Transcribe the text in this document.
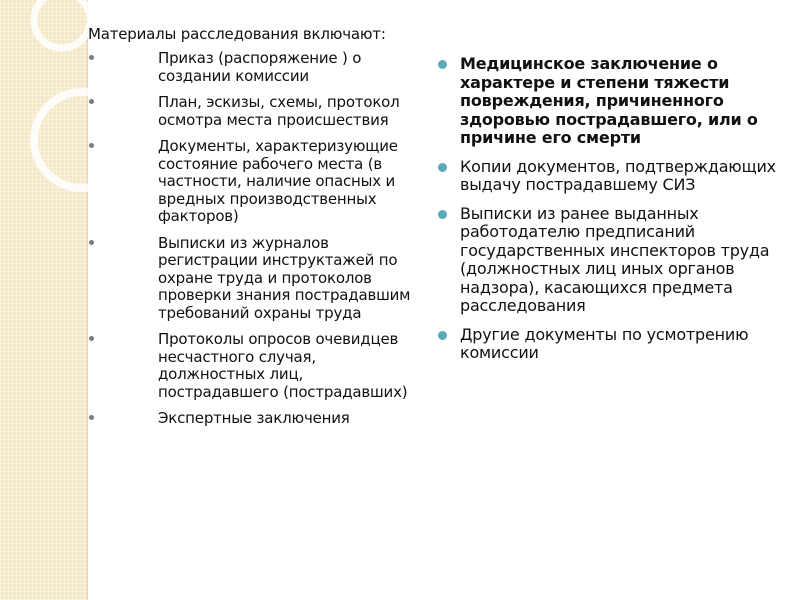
Материалы расследования включают:
Приказ (распоряжение ) о создании комиссии
План, эскизы, схемы, протокол осмотра места происшествия
Документы, характеризующие состояние рабочего места (в частности, наличие опасных и вредных производственных факторов)
Выписки из журналов регистрации инструктажей по охране труда и протоколов проверки знания пострадавшим требований охраны труда
Протоколы опросов очевидцев несчастного случая, должностных лиц, пострадавшего (пострадавших)
Экспертные заключения
Медицинское заключение о характере и степени тяжести повреждения, причиненного здоровью пострадавшего, или о причине его смерти
Копии документов, подтверждающих выдачу пострадавшему СИЗ
Выписки из ранее выданных работодателю предписаний государственных инспекторов труда (должностных лиц иных органов надзора), касающихся предмета расследования
Другие документы по усмотрению комиссии
